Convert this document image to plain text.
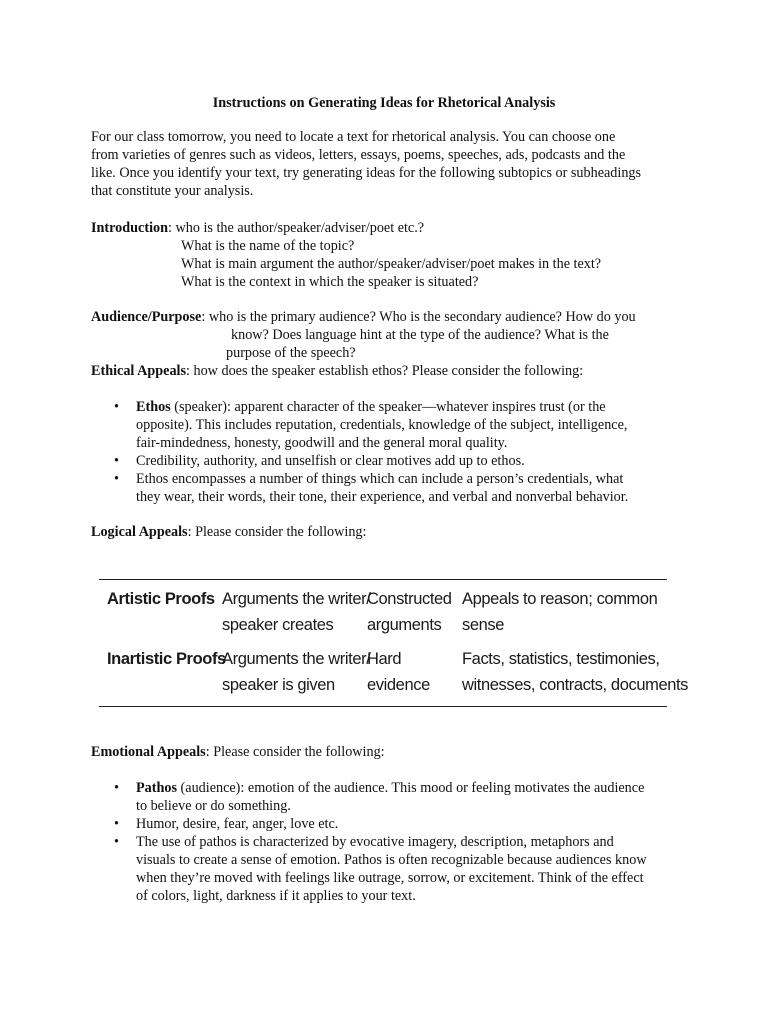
Instructions on Generating Ideas for Rhetorical Analysis
For our class tomorrow, you need to locate a text for rhetorical analysis. You can choose one
from varieties of genres such as videos, letters, essays, poems, speeches, ads, podcasts and the
like. Once you identify your text, try generating ideas for the following subtopics or subheadings
that constitute your analysis.
Introduction: who is the author/speaker/adviser/poet etc.?
What is the name of the topic?
What is main argument the author/speaker/adviser/poet makes in the text?
What is the context in which the speaker is situated?
Audience/Purpose: who is the primary audience? Who is the secondary audience? How do you
know? Does language hint at the type of the audience? What is the
purpose of the speech?
Ethical Appeals: how does the speaker establish ethos? Please consider the following:
• Ethos (speaker): apparent character of the speaker—whatever inspires trust (or the
opposite). This includes reputation, credentials, knowledge of the subject, intelligence,
fair-mindedness, honesty, goodwill and the general moral quality.
• Credibility, authority, and unselfish or clear motives add up to ethos.
• Ethos encompasses a number of things which can include a person’s credentials, what
they wear, their words, their tone, their experience, and verbal and nonverbal behavior.
Logical Appeals: Please consider the following:
Artistic Proofs Arguments the writer/
speaker creates
Constructed
arguments
Appeals to reason; common
sense
Inartistic Proofs
Arguments the writer/
speaker is given
Hard
evidence
Facts, statistics, testimonies,
witnesses, contracts, documents
Emotional Appeals: Please consider the following:
• Pathos (audience): emotion of the audience. This mood or feeling motivates the audience
to believe or do something.
• Humor, desire, fear, anger, love etc.
• The use of pathos is characterized by evocative imagery, description, metaphors and
visuals to create a sense of emotion. Pathos is often recognizable because audiences know
when they’re moved with feelings like outrage, sorrow, or excitement. Think of the effect
of colors, light, darkness if it applies to your text.
